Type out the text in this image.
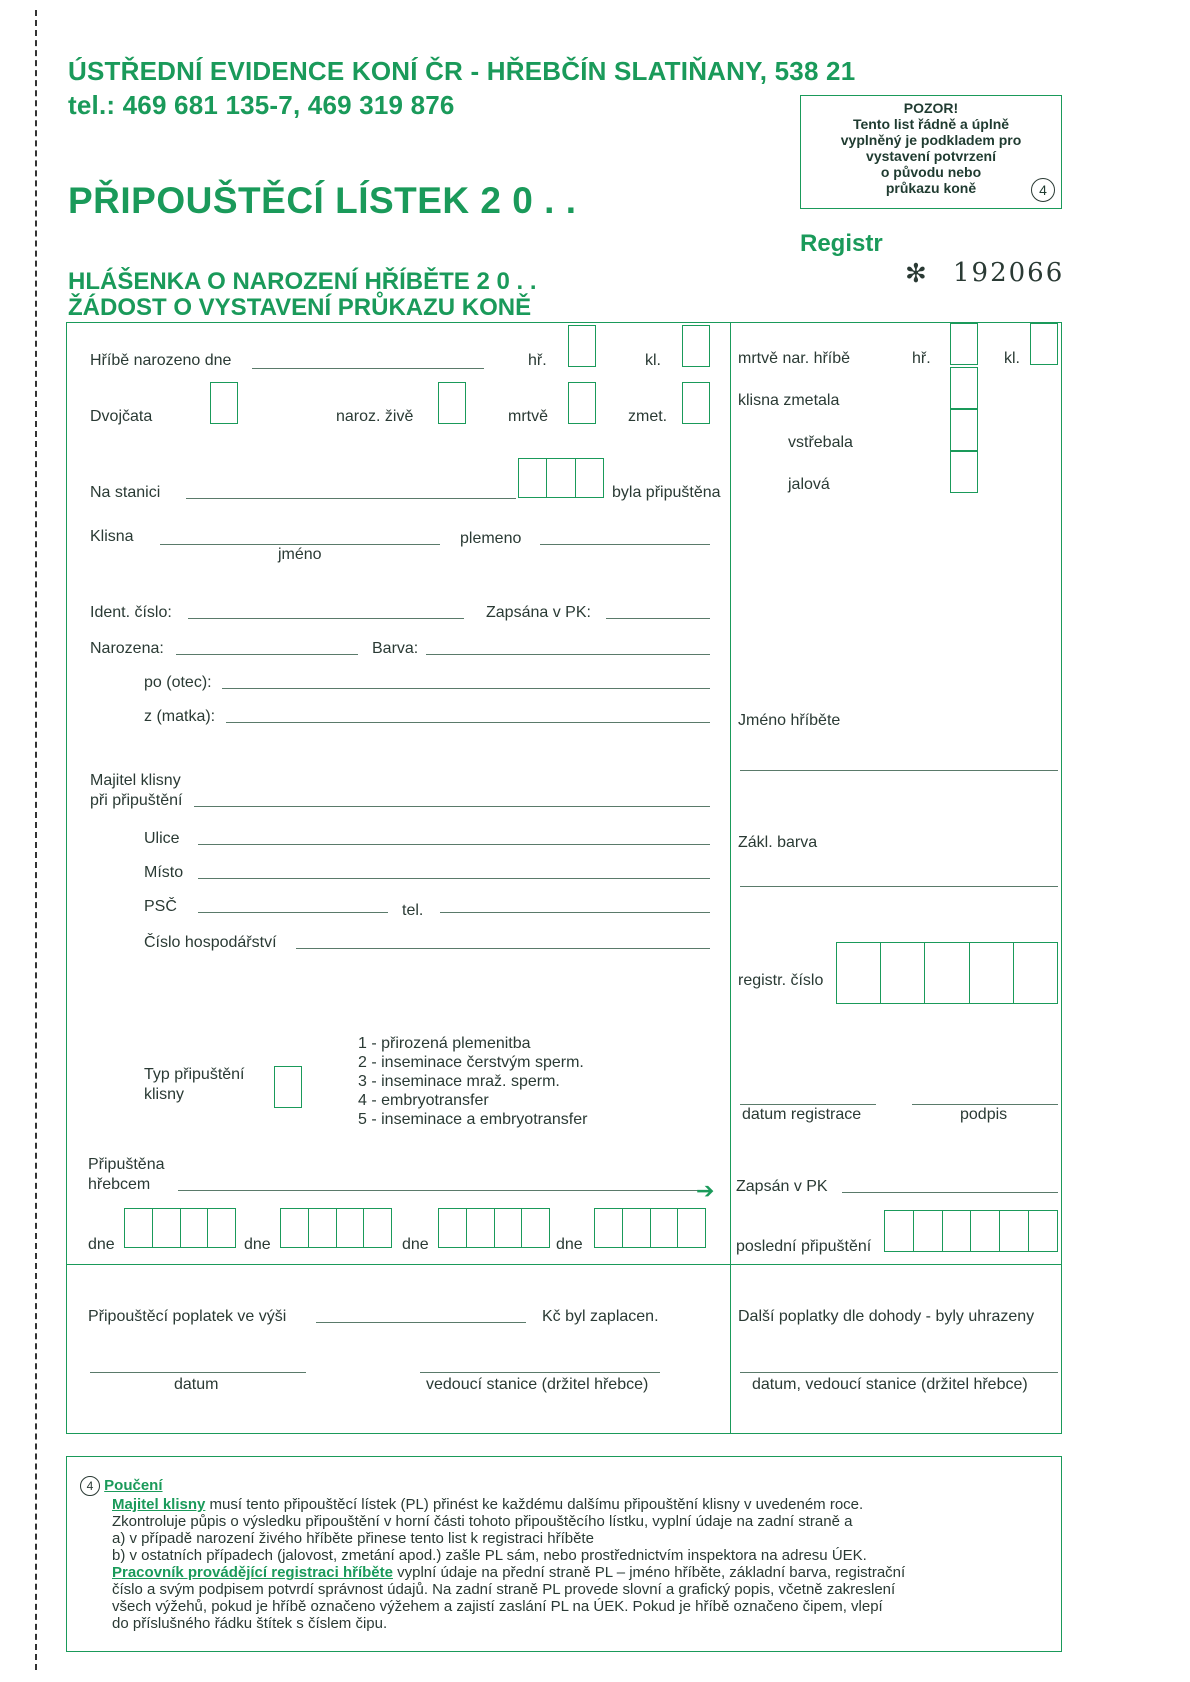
ÚSTŘEDNÍ EVIDENCE KONÍ ČR - HŘEBČÍN SLATIŇANY, 538 21
tel.: 469 681 135-7, 469 319 876
PŘIPOUŠTĚCÍ LÍSTEK 2 0 . .
HLÁŠENKA O NAROZENÍ HŘÍBĚTE 2 0 . .
ŽÁDOST O VYSTAVENÍ PRŮKAZU KONĚ
POZOR!
Tento list řádně a úplně
vyplněný je podkladem pro
vystavení potvrzení
o původu nebo
průkazu koně	4
Registr
✻ 192066
Hříbě narozeno dne	hř.	kl.
Dvojčata	naroz. živě	mrtvě	zmet.
Na stanici	byla připuštěna
Klisna
jméno
plemeno
Ident. číslo:	Zapsána v PK:
Narozena:	Barva:
po (otec):
z (matka):
Majitel klisny
při připuštění
Ulice
Místo
PSČ	tel.
Číslo hospodářství
Typ připuštění
klisny
1 - přirozená plemenitba
2 - inseminace čerstvým sperm.
3 - inseminace mraž. sperm.
4 - embryotransfer
5 - inseminace a embryotransfer
Připuštěna
hřebcem	➔
dne	dne	dne	dne
Připouštěcí poplatek ve výši	Kč byl zaplacen.
datum	vedoucí stanice (držitel hřebce)
mrtvě nar. hříbě	hř.	kl.
klisna zmetala
vstřebala
jalová
Jméno hříběte
Zákl. barva
registr. číslo
datum registrace	podpis
Zapsán v PK
poslední připuštění
Další poplatky dle dohody - byly uhrazeny
datum, vedoucí stanice (držitel hřebce)
4 Poučení
Majitel klisny musí tento připouštěcí lístek (PL) přinést ke každému dalšímu připouštění klisny v uvedeném roce.
Zkontroluje půpis o výsledku připouštění v horní části tohoto připouštěcího lístku, vyplní údaje na zadní straně a
a) v případě narození živého hříběte přinese tento list k registraci hříběte
b) v ostatních případech (jalovost, zmetání apod.) zašle PL sám, nebo prostřednictvím inspektora na adresu ÚEK.
Pracovník provádějící registraci hříběte vyplní údaje na přední straně PL – jméno hříběte, základní barva, registrační
číslo a svým podpisem potvrdí správnost údajů. Na zadní straně PL provede slovní a grafický popis, včetně zakreslení
všech výžehů, pokud je hříbě označeno výžehem a zajistí zaslání PL na ÚEK. Pokud je hříbě označeno čipem, vlepí
do příslušného řádku štítek s číslem čipu.
